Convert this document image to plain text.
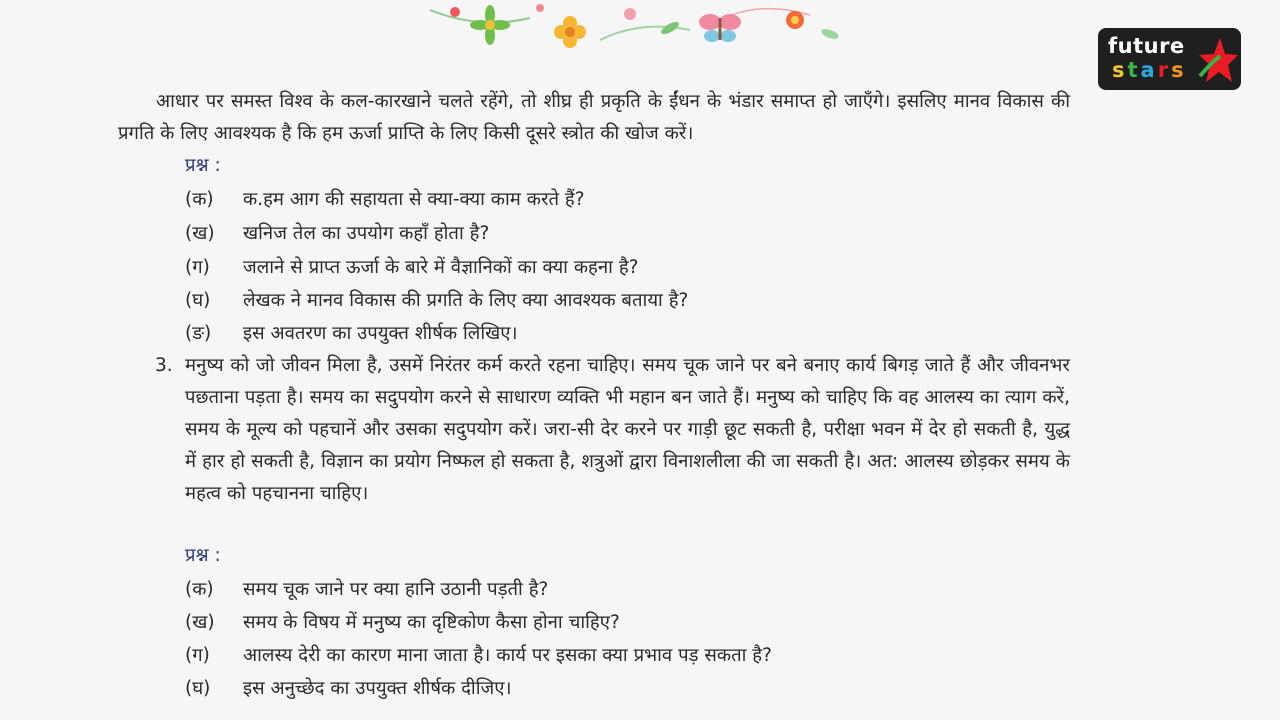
future
stars

आधार पर समस्त विश्व के कल-कारखाने चलते रहेंगे, तो शीघ्र ही प्रकृति के ईंधन के भंडार समाप्त हो जाएँगे। इसलिए मानव विकास की प्रगति के लिए आवश्यक है कि हम ऊर्जा प्राप्ति के लिए किसी दूसरे स्त्रोत की खोज करें।

प्रश्न :
(क) क.हम आग की सहायता से क्या-क्या काम करते हैं?
(ख) खनिज तेल का उपयोग कहाँ होता है?
(ग) जलाने से प्राप्त ऊर्जा के बारे में वैज्ञानिकों का क्या कहना है?
(घ) लेखक ने मानव विकास की प्रगति के लिए क्या आवश्यक बताया है?
(ङ) इस अवतरण का उपयुक्त शीर्षक लिखिए।
3. मनुष्य को जो जीवन मिला है, उसमें निरंतर कर्म करते रहना चाहिए। समय चूक जाने पर बने बनाए कार्य बिगड़ जाते हैं और जीवनभर पछताना पड़ता है। समय का सदुपयोग करने से साधारण व्यक्ति भी महान बन जाते हैं। मनुष्य को चाहिए कि वह आलस्य का त्याग करें, समय के मूल्य को पहचानें और उसका सदुपयोग करें। जरा-सी देर करने पर गाड़ी छूट सकती है, परीक्षा भवन में देर हो सकती है, युद्ध में हार हो सकती है, विज्ञान का प्रयोग निष्फल हो सकता है, शत्रुओं द्वारा विनाशलीला की जा सकती है। अत: आलस्य छोड़कर समय के महत्व को पहचानना चाहिए।

प्रश्न :
(क) समय चूक जाने पर क्या हानि उठानी पड़ती है?
(ख) समय के विषय में मनुष्य का दृष्टिकोण कैसा होना चाहिए?
(ग) आलस्य देरी का कारण माना जाता है। कार्य पर इसका क्या प्रभाव पड़ सकता है?
(घ) इस अनुच्छेद का उपयुक्त शीर्षक दीजिए।
